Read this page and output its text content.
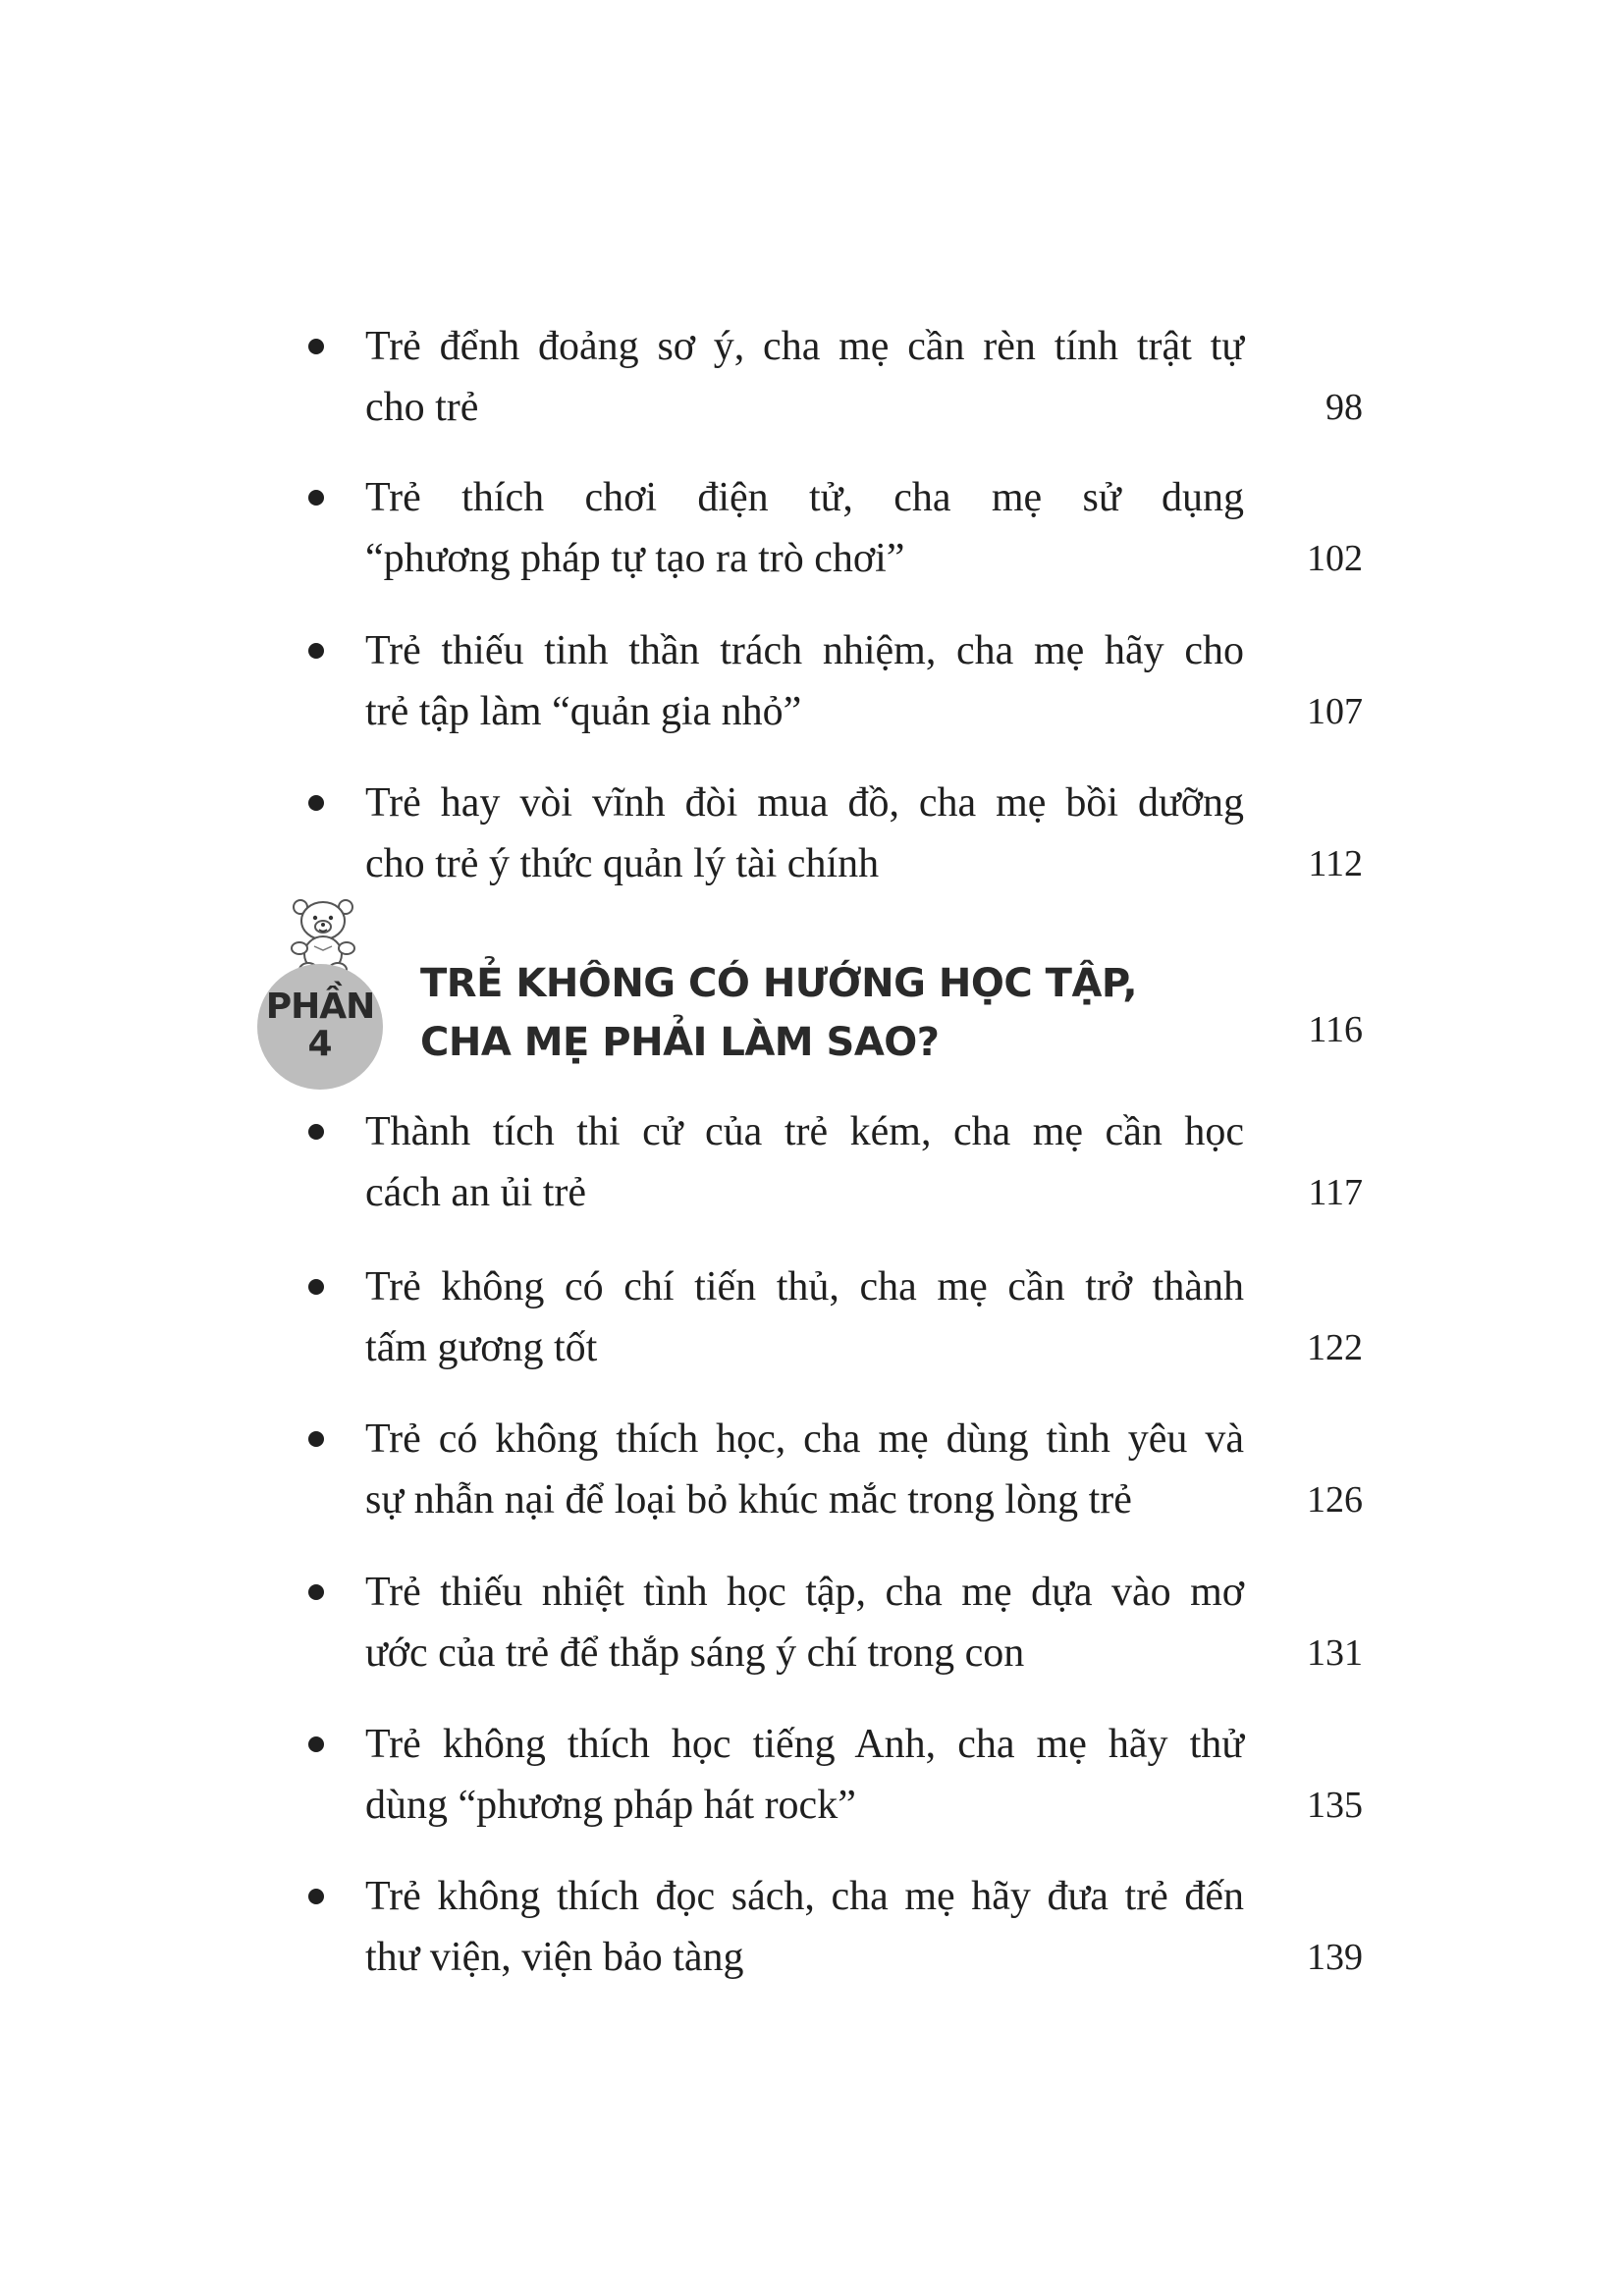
Trẻ đểnh đoảng sơ ý, cha mẹ cần rèn tính trật tự
cho trẻ	98
Trẻ thích chơi điện tử, cha mẹ sử dụng
“phương pháp tự tạo ra trò chơi”	102
Trẻ thiếu tinh thần trách nhiệm, cha mẹ hãy cho
trẻ tập làm “quản gia nhỏ”	107
Trẻ hay vòi vĩnh đòi mua đồ, cha mẹ bồi dưỡng
cho trẻ ý thức quản lý tài chính	112
PHẦN
4
TRẺ KHÔNG CÓ HƯỚNG HỌC TẬP,
CHA MẸ PHẢI LÀM SAO?	116
Thành tích thi cử của trẻ kém, cha mẹ cần học
cách an ủi trẻ	117
Trẻ không có chí tiến thủ, cha mẹ cần trở thành
tấm gương tốt	122
Trẻ có không thích học, cha mẹ dùng tình yêu và
sự nhẫn nại để loại bỏ khúc mắc trong lòng trẻ	126
Trẻ thiếu nhiệt tình học tập, cha mẹ dựa vào mơ
ước của trẻ để thắp sáng ý chí trong con	131
Trẻ không thích học tiếng Anh, cha mẹ hãy thử
dùng “phương pháp hát rock”	135
Trẻ không thích đọc sách, cha mẹ hãy đưa trẻ đến
thư viện, viện bảo tàng	139
